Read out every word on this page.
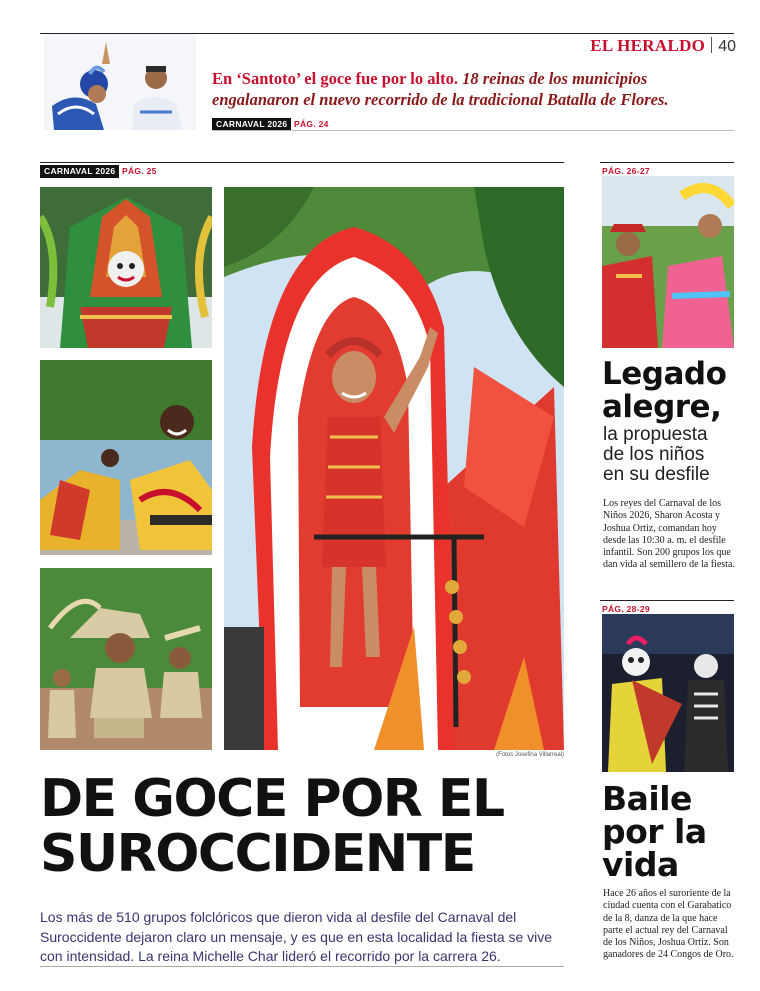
EL HERALDO 40
En ‘Santoto’ el goce fue por lo alto. 18 reinas de los municipios engalanaron el nuevo recorrido de la tradicional Batalla de Flores.
CARNAVAL 2026 PÁG. 24
CARNAVAL 2026 PÁG. 25
(Fotos Josefina Villarreal)
DE GOCE POR EL
SUROCCIDENTE
Los más de 510 grupos folclóricos que dieron vida al desfile del Carnaval del Suroccidente dejaron claro un mensaje, y es que en esta localidad la fiesta se vive con intensidad. La reina Michelle Char lideró el recorrido por la carrera 26.
PÁG. 26-27
Legado
alegre,
la propuesta
de los niños
en su desfile
Los reyes del Carnaval de los Niños 2026, Sharon Acosta y Joshua Ortiz, comandan hoy desde las 10:30 a. m. el desfile infantil. Son 200 grupos los que dan vida al semillero de la fiesta.
PÁG. 28-29
Baile
por la
vida
Hace 26 años el suroriente de la ciudad cuenta con el Garabatico de la 8, danza de la que hace parte el actual rey del Carnaval de los Niños, Joshua Ortiz. Son ganadores de 24 Congos de Oro.
